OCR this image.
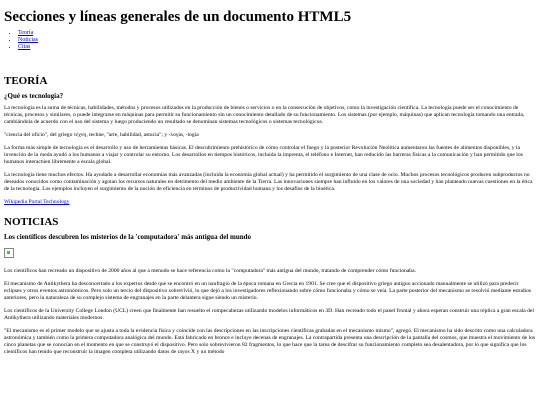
Secciones y líneas generales de un documento HTML5
• Teoría
• Noticias
• Citas
TEORÍA
¿Qué es tecnología?

La tecnología es la suma de técnicas, habilidades, métodos y procesos utilizados en la producción de bienes o servicios o en la consecución de objetivos, como la investigación científica. La tecnología puede ser el conocimiento de técnicas, procesos y similares, o puede integrarse en máquinas para permitir su funcionamiento sin un conocimiento detallado de su funcionamiento. Los sistemas (por ejemplo, máquinas) que aplican tecnología tomando una entrada, cambiándola de acuerdo con el uso del sistema y luego produciendo un resultado se denominan sistemas tecnológicos o sistemas tecnológicos.

"ciencia del oficio", del griego τέχνη, techne, "arte, habilidad, astucia"; y -λογία, -logía

La forma más simple de tecnología es el desarrollo y uso de herramientas básicas. El descubrimiento prehistórico de cómo controlar el fuego y la posterior Revolución Neolítica aumentaron las fuentes de alimentos disponibles, y la invención de la rueda ayudó a los humanos a viajar y controlar su entorno. Los desarrollos en tiempos históricos, incluida la imprenta, el teléfono e Internet, han reducido las barreras físicas a la comunicación y han permitido que los humanos interactúen libremente a escala global.

La tecnología tiene muchos efectos. Ha ayudado a desarrollar economías más avanzadas (incluida la economía global actual) y ha permitido el surgimiento de una clase de ocio. Muchos procesos tecnológicos producen subproductos no deseados conocidos como contaminación y agotan los recursos naturales en detrimento del medio ambiente de la Tierra. Las innovaciones siempre han influido en los valores de una sociedad y han planteado nuevas cuestiones en la ética de la tecnología. Los ejemplos incluyen el surgimiento de la noción de eficiencia en términos de productividad humana y los desafíos de la bioética.

Wikipedia Portal Technology

NOTICIAS
Los científicos descubren los misterios de la 'computadora' más antigua del mundo

Los científicos han recreado un dispositivo de 2000 años al que a menudo se hace referencia como la "computadora" más antigua del mundo, tratando de comprender cómo funcionaba.

El mecanismo de Antikythera ha desconcertado a los expertos desde que se encontró en un naufragio de la época romana en Grecia en 1901. Se cree que el dispositivo griego antiguo accionado manualmente se utilizó para predecir eclipses y otros eventos astronómicos. Pero solo un tercio del dispositivo sobrevivió, lo que dejó a los investigadores reflexionando sobre cómo funcionaba y cómo se veía. La parte posterior del mecanismo se resolvió mediante estudios anteriores, pero la naturaleza de su complejo sistema de engranajes en la parte delantera sigue siendo un misterio.

Los científicos de la University College London (UCL) creen que finalmente han resuelto el rompecabezas utilizando modelos informáticos en 3D. Han recreado todo el panel frontal y ahora esperan construir una réplica a gran escala del Antikythera utilizando materiales modernos.

"El mecanismo es el primer modelo que se ajusta a toda la evidencia física y coincide con las descripciones en las inscripciones científicas grabadas en el mecanismo mismo", agregó. El mecanismo ha sido descrito como una calculadora astronómica y también como la primera computadora analógica del mundo. Está fabricado en bronce e incluye decenas de engranajes. La contrapartida presenta una descripción de la pantalla del cosmos, que muestra el movimiento de los cinco planetas que se conocían en el momento en que se construyó el dispositivo. Pero solo sobrevivieron 82 fragmentos, lo que hace que la tarea de descifrar su funcionamiento completo sea desalentadora, por lo que significa que los científicos han tenido que reconstruir la imagen completa utilizando datos de rayos X y un método
